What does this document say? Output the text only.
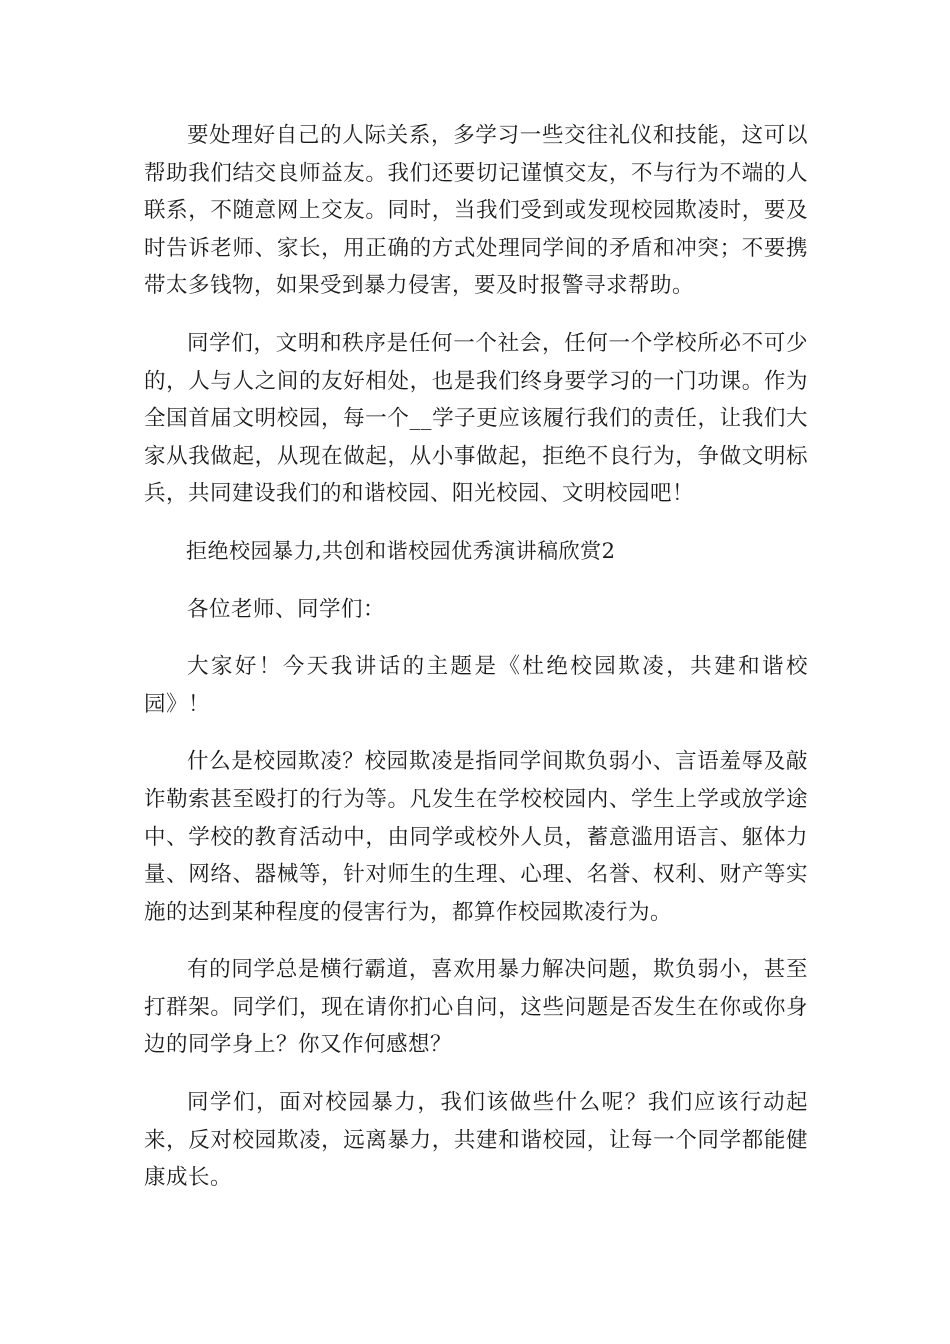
要处理好自己的人际关系，多学习一些交往礼仪和技能，这可以帮助我们结交良师益友。我们还要切记谨慎交友，不与行为不端的人联系，不随意网上交友。同时，当我们受到或发现校园欺凌时，要及时告诉老师、家长，用正确的方式处理同学间的矛盾和冲突；不要携带太多钱物，如果受到暴力侵害，要及时报警寻求帮助。

同学们，文明和秩序是任何一个社会，任何一个学校所必不可少的，人与人之间的友好相处，也是我们终身要学习的一门功课。作为全国首届文明校园，每一个__学子更应该履行我们的责任，让我们大家从我做起，从现在做起，从小事做起，拒绝不良行为，争做文明标兵，共同建设我们的和谐校园、阳光校园、文明校园吧！

拒绝校园暴力,共创和谐校园优秀演讲稿欣赏2

各位老师、同学们：

大家好！今天我讲话的主题是《杜绝校园欺凌，共建和谐校园》！

什么是校园欺凌？校园欺凌是指同学间欺负弱小、言语羞辱及敲诈勒索甚至殴打的行为等。凡发生在学校校园内、学生上学或放学途中、学校的教育活动中，由同学或校外人员，蓄意滥用语言、躯体力量、网络、器械等，针对师生的生理、心理、名誉、权利、财产等实施的达到某种程度的侵害行为，都算作校园欺凌行为。

有的同学总是横行霸道，喜欢用暴力解决问题，欺负弱小，甚至打群架。同学们，现在请你扪心自问，这些问题是否发生在你或你身边的同学身上？你又作何感想？

同学们，面对校园暴力，我们该做些什么呢？我们应该行动起来，反对校园欺凌，远离暴力，共建和谐校园，让每一个同学都能健康成长。
